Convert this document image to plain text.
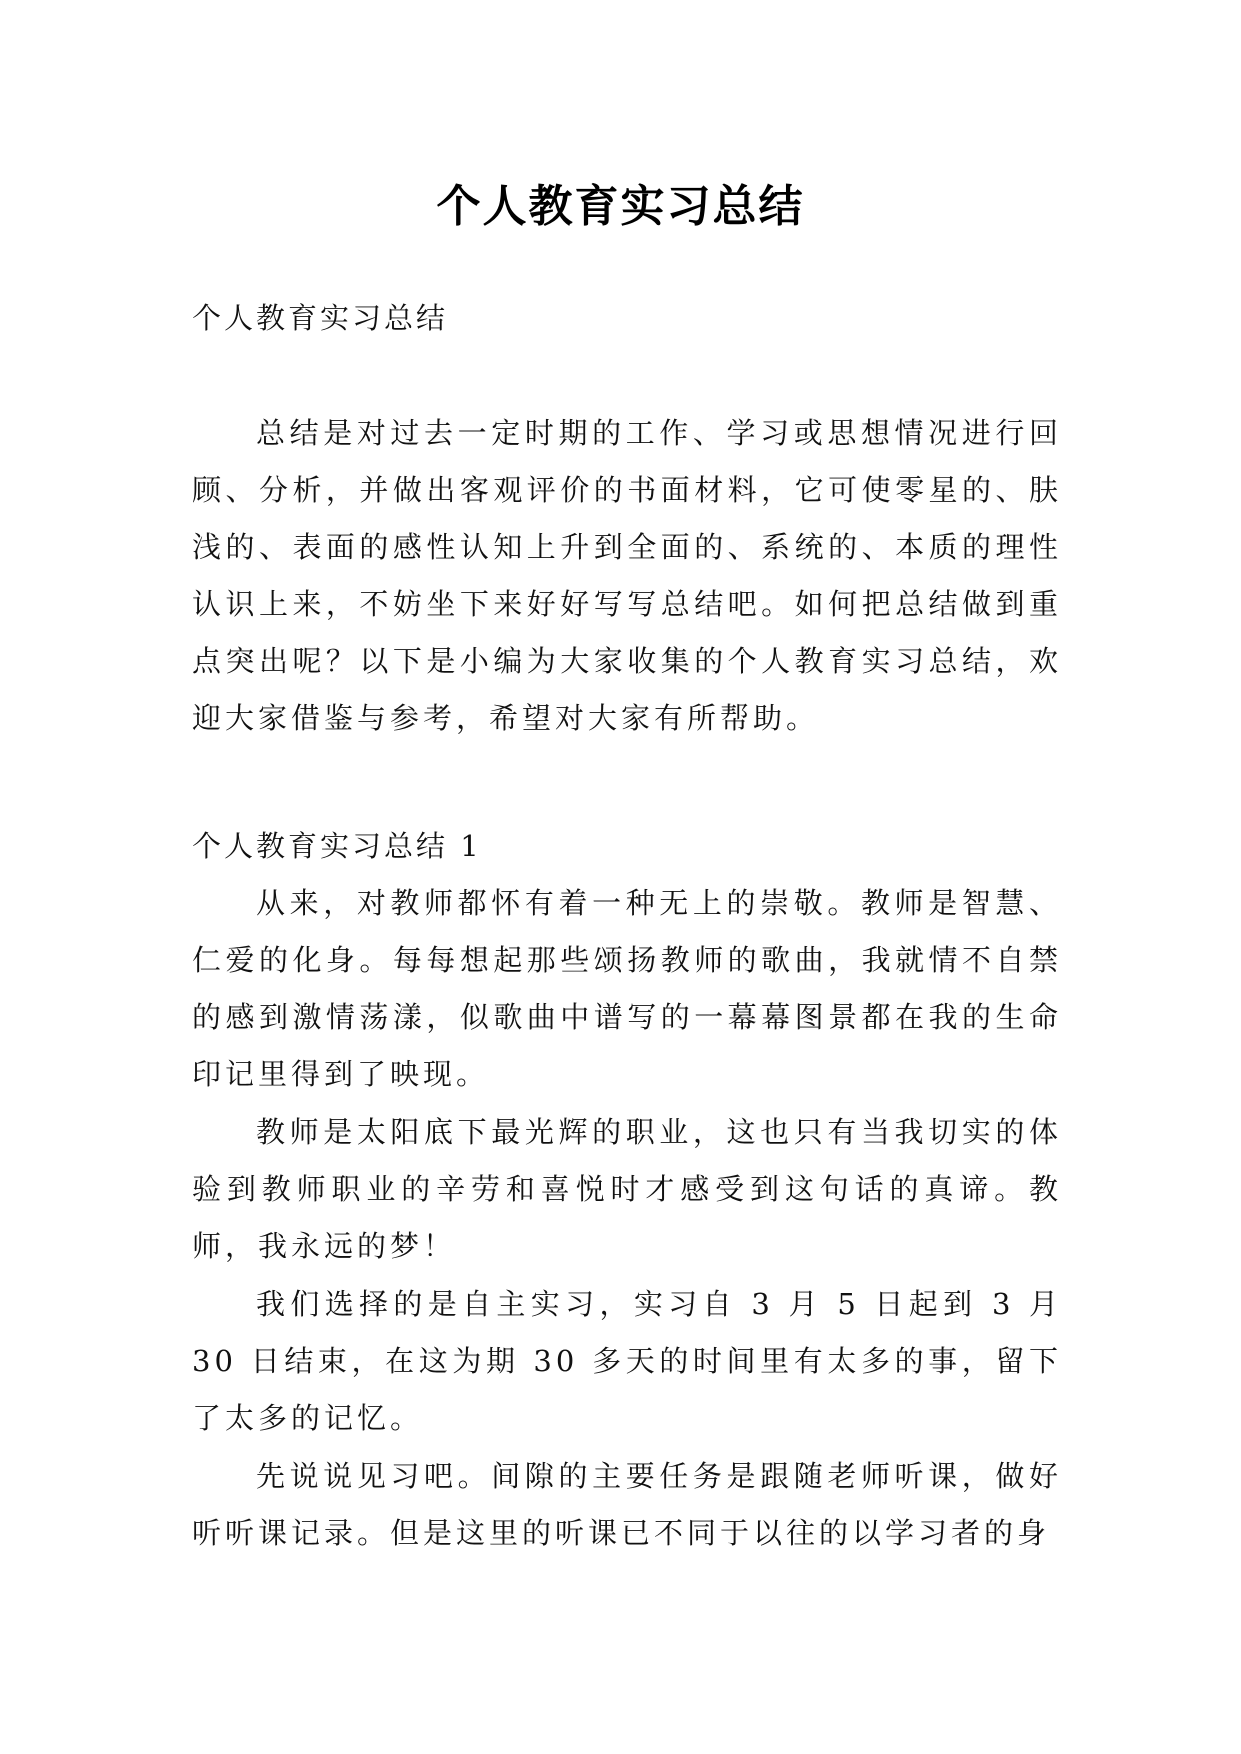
个人教育实习总结

个人教育实习总结

总结是对过去一定时期的工作、学习或思想情况进行回顾、分析，并做出客观评价的书面材料，它可使零星的、肤浅的、表面的感性认知上升到全面的、系统的、本质的理性认识上来，不妨坐下来好好写写总结吧。如何把总结做到重点突出呢？以下是小编为大家收集的个人教育实习总结，欢迎大家借鉴与参考，希望对大家有所帮助。

个人教育实习总结 1

从来，对教师都怀有着一种无上的崇敬。教师是智慧、仁爱的化身。每每想起那些颂扬教师的歌曲，我就情不自禁的感到激情荡漾，似歌曲中谱写的一幕幕图景都在我的生命印记里得到了映现。

教师是太阳底下最光辉的职业，这也只有当我切实的体验到教师职业的辛劳和喜悦时才感受到这句话的真谛。教师，我永远的梦！

我们选择的是自主实习，实习自 3 月 5 日起到 3 月 30 日结束，在这为期 30 多天的时间里有太多的事，留下了太多的记忆。

先说说见习吧。间隙的主要任务是跟随老师听课，做好听听课记录。但是这里的听课已不同于以往的以学习者的身
